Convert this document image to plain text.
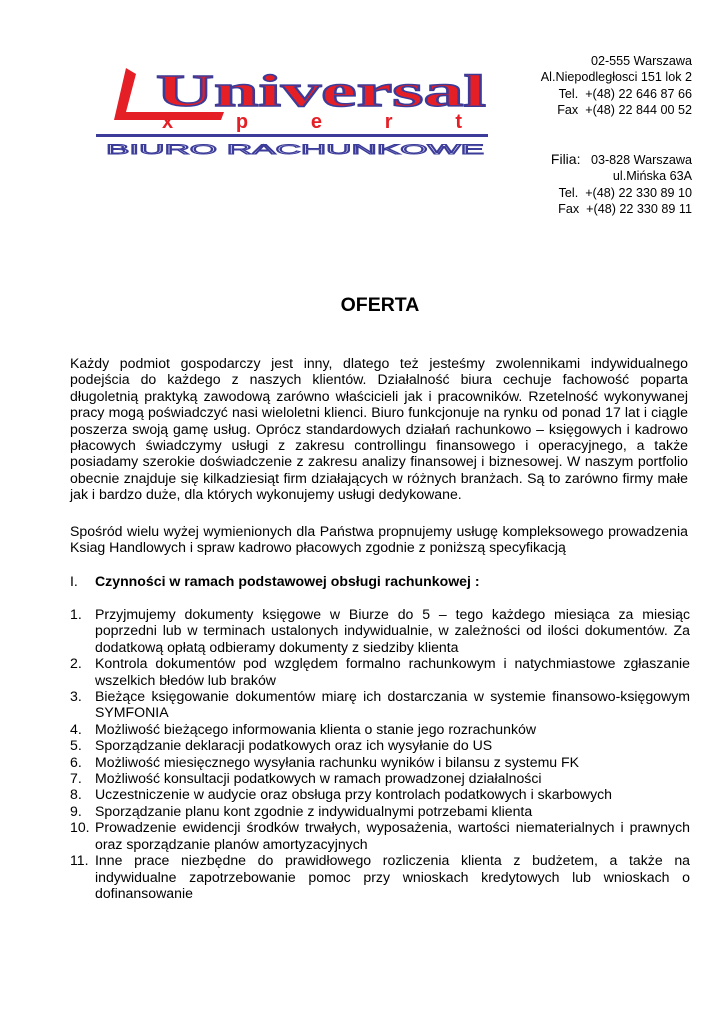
Universal
x p e r t
BIURO RACHUNKOWE
02-555 Warszawa
Al.Niepodległosci 151 lok 2
Tel.  +(48) 22 646 87 66
Fax  +(48) 22 844 00 52
Filia: 03-828 Warszawa
ul.Mińska 63A
Tel.  +(48) 22 330 89 10
Fax  +(48) 22 330 89 11
OFERTA

Każdy podmiot gospodarczy jest inny, dlatego też jesteśmy zwolennikami indywidualnego podejścia do każdego z naszych klientów. Działalność biura cechuje fachowość poparta długoletnią praktyką zawodową zarówno właścicieli jak i pracowników. Rzetelność wykonywanej pracy mogą poświadczyć nasi wieloletni klienci. Biuro funkcjonuje na rynku od ponad 17 lat i ciągle poszerza swoją gamę usług. Oprócz standardowych działań rachunkowo – księgowych i kadrowo płacowych świadczymy usługi z zakresu controllingu finansowego i operacyjnego, a także posiadamy szerokie doświadczenie z zakresu analizy finansowej i biznesowej. W naszym portfolio obecnie znajduje się kilkadziesiąt firm działających w różnych branżach. Są to zarówno firmy małe jak i bardzo duże, dla których wykonujemy usługi dedykowane.

Spośród wielu wyżej wymienionych dla Państwa propnujemy usługę kompleksowego prowadzenia Ksiag Handlowych i spraw kadrowo płacowych zgodnie z poniższą specyfikacją

I. Czynności w ramach podstawowej obsługi rachunkowej :
1. Przyjmujemy dokumenty księgowe w Biurze do 5 – tego każdego miesiąca za miesiąc poprzedni lub w terminach ustalonych indywidualnie, w zależności od ilości dokumentów. Za dodatkową opłatą odbieramy dokumenty z siedziby klienta
2. Kontrola dokumentów pod względem formalno rachunkowym i natychmiastowe zgłaszanie wszelkich błedów lub braków
3. Bieżące księgowanie dokumentów miarę ich dostarczania w systemie finansowo-księgowym SYMFONIA
4. Możliwość bieżącego informowania klienta o stanie jego rozrachunków
5. Sporządzanie deklaracji podatkowych oraz ich wysyłanie do US
6. Możliwość miesięcznego wysyłania rachunku wyników i bilansu z systemu FK
7. Możliwość konsultacji podatkowych w ramach prowadzonej działalności
8. Uczestniczenie w audycie oraz obsługa przy kontrolach podatkowych i skarbowych
9. Sporządzanie planu kont zgodnie z indywidualnymi potrzebami klienta
10. Prowadzenie ewidencji środków trwałych, wyposażenia, wartości niematerialnych i prawnych oraz sporządzanie planów amortyzacyjnych
11. Inne prace niezbędne do prawidłowego rozliczenia klienta z budżetem, a także na indywidualne zapotrzebowanie pomoc przy wnioskach kredytowych lub wnioskach o dofinansowanie
